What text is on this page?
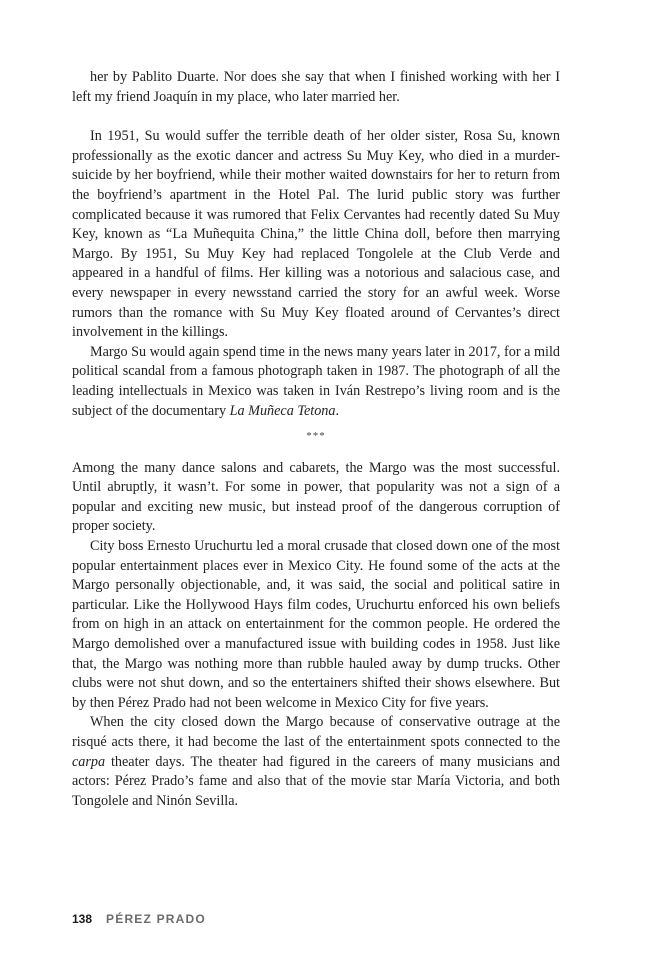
her by Pablito Duarte. Nor does she say that when I finished working with her I left my friend Joaquín in my place, who later married her.

In 1951, Su would suffer the terrible death of her older sister, Rosa Su, known professionally as the exotic dancer and actress Su Muy Key, who died in a murder-suicide by her boyfriend, while their mother waited downstairs for her to return from the boyfriend’s apartment in the Hotel Pal. The lurid public story was further complicated because it was rumored that Felix Cervantes had recently dated Su Muy Key, known as “La Muñequita China,” the little China doll, before then marrying Margo. By 1951, Su Muy Key had replaced Tongolele at the Club Verde and appeared in a handful of films. Her killing was a notorious and salacious case, and every newspaper in every newsstand carried the story for an awful week. Worse rumors than the romance with Su Muy Key floated around of Cervantes’s direct involvement in the killings.

Margo Su would again spend time in the news many years later in 2017, for a mild political scandal from a famous photograph taken in 1987. The photograph of all the leading intellectuals in Mexico was taken in Iván Restrepo’s living room and is the subject of the documentary La Muñeca Tetona.

***

Among the many dance salons and cabarets, the Margo was the most successful. Until abruptly, it wasn’t. For some in power, that popularity was not a sign of a popular and exciting new music, but instead proof of the dangerous corruption of proper society.

City boss Ernesto Uruchurtu led a moral crusade that closed down one of the most popular entertainment places ever in Mexico City. He found some of the acts at the Margo personally objectionable, and, it was said, the social and political satire in particular. Like the Hollywood Hays film codes, Uruchurtu enforced his own beliefs from on high in an attack on entertainment for the common people. He ordered the Margo demolished over a manufactured issue with building codes in 1958. Just like that, the Margo was nothing more than rubble hauled away by dump trucks. Other clubs were not shut down, and so the entertainers shifted their shows elsewhere. But by then Pérez Prado had not been welcome in Mexico City for five years.

When the city closed down the Margo because of conservative outrage at the risqué acts there, it had become the last of the entertainment spots connected to the carpa theater days. The theater had figured in the careers of many musicians and actors: Pérez Prado’s fame and also that of the movie star María Victoria, and both Tongolele and Ninón Sevilla.

138 PÉREZ PRADO
